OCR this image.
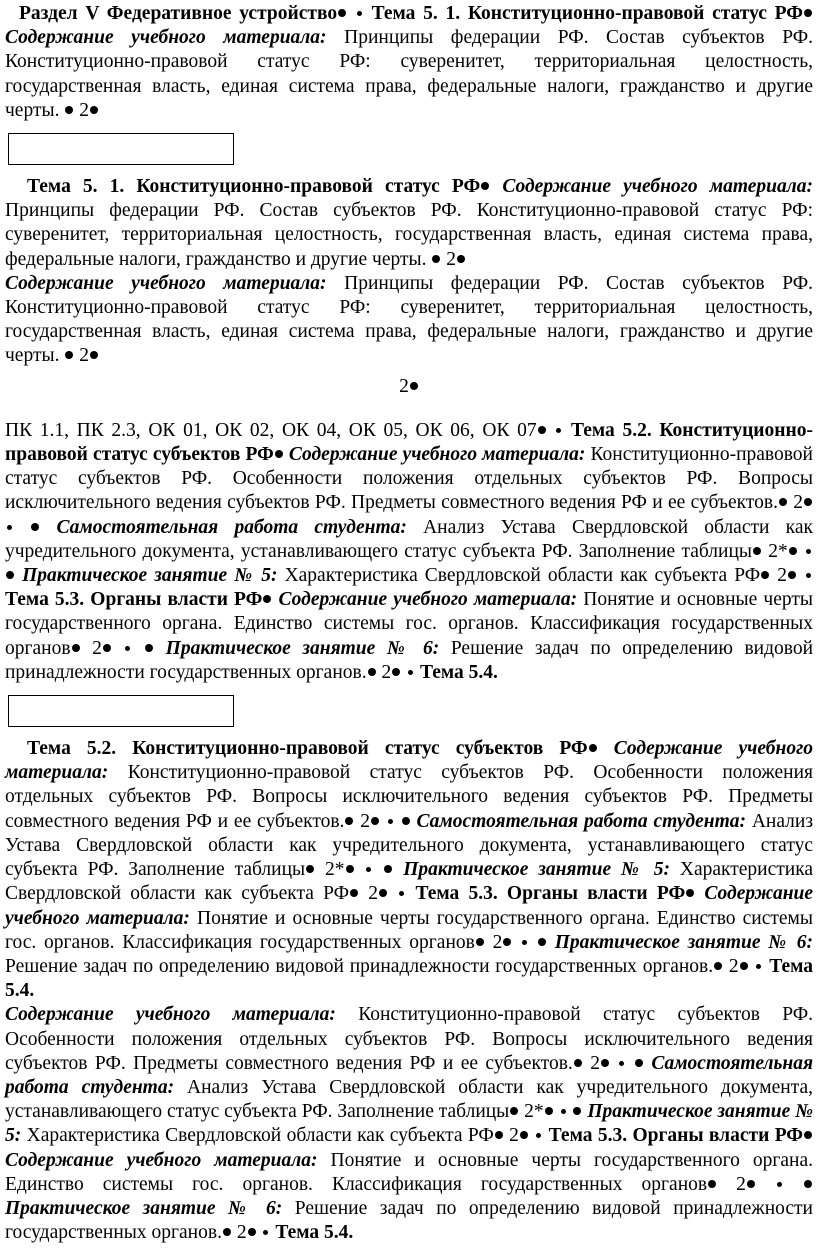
Раздел V Федеративное устройство Тема 5. 1. Конституционно-правовой статус РФ Содержание учебного материала: Принципы федерации РФ. Состав субъектов РФ. Конституционно-правовой статус РФ: суверенитет, территориальная целостность, государственная власть, единая система права, федеральные налоги, гражданство и другие черты.  2

Тема 5. 1. Конституционно-правовой статус РФ Содержание учебного материала: Принципы федерации РФ. Состав субъектов РФ. Конституционно-правовой статус РФ: суверенитет, территориальная целостность, государственная власть, единая система права, федеральные налоги, гражданство и другие черты.  2

Содержание учебного материала: Принципы федерации РФ. Состав субъектов РФ. Конституционно-правовой статус РФ: суверенитет, территориальная целостность, государственная власть, единая система права, федеральные налоги, гражданство и другие черты.  2

2

ПК 1.1, ПК 2.3, ОК 01, ОК 02, ОК 04, ОК 05, ОК 06, ОК 07 Тема 5.2. Конституционно-правовой статус субъектов РФ Содержание учебного материала: Конституционно-правовой статус субъектов РФ. Особенности положения отдельных субъектов РФ. Вопросы исключительного ведения субъектов РФ. Предметы совместного ведения РФ и ее субъектов. 2   Самостоятельная работа студента: Анализ Устава Свердловской области как учредительного документа, устанавливающего статус субъекта РФ. Заполнение таблицы 2*   Практическое занятие № 5: Характеристика Свердловской области как субъекта РФ 2  Тема 5.3. Органы власти РФ Содержание учебного материала: Понятие и основные черты государственного органа. Единство системы гос. органов. Классификация государственных органов 2	Практическое занятие № 6: Решение задач по определению видовой принадлежности государственных органов. 2 Тема 5.4.

Тема 5.2. Конституционно-правовой статус субъектов РФ Содержание учебного материала: Конституционно-правовой статус субъектов РФ. Особенности положения отдельных субъектов РФ. Вопросы исключительного ведения субъектов РФ. Предметы совместного ведения РФ и ее субъектов. 2 Самостоятельная работа студента: Анализ Устава Свердловской области как учредительного документа, устанавливающего статус субъекта РФ. Заполнение таблицы 2*	Практическое занятие № 5: Характеристика Свердловской области как субъекта РФ 2 Тема 5.3. Органы власти РФ Содержание учебного материала: Понятие и основные черты государственного органа. Единство системы гос. органов. Классификация государственных органов 2	Практическое занятие № 6: Решение задач по определению видовой принадлежности государственных органов. 2 Тема 5.4.

Содержание учебного материала: Конституционно-правовой статус субъектов РФ. Особенности положения отдельных субъектов РФ. Вопросы исключительного ведения субъектов РФ. Предметы совместного ведения РФ и ее субъектов. 2	Самостоятельная работа студента: Анализ Устава Свердловской области как учредительного документа, устанавливающего статус субъекта РФ. Заполнение таблицы 2* Практическое занятие № 5: Характеристика Свердловской области как субъекта РФ 2 Тема 5.3. Органы власти РФ Содержание учебного материала: Понятие и основные черты государственного органа. Единство системы гос. органов. Классификация государственных органов 2   Практическое занятие № 6: Решение задач по определению видовой принадлежности государственных органов. 2 Тема 5.4.
